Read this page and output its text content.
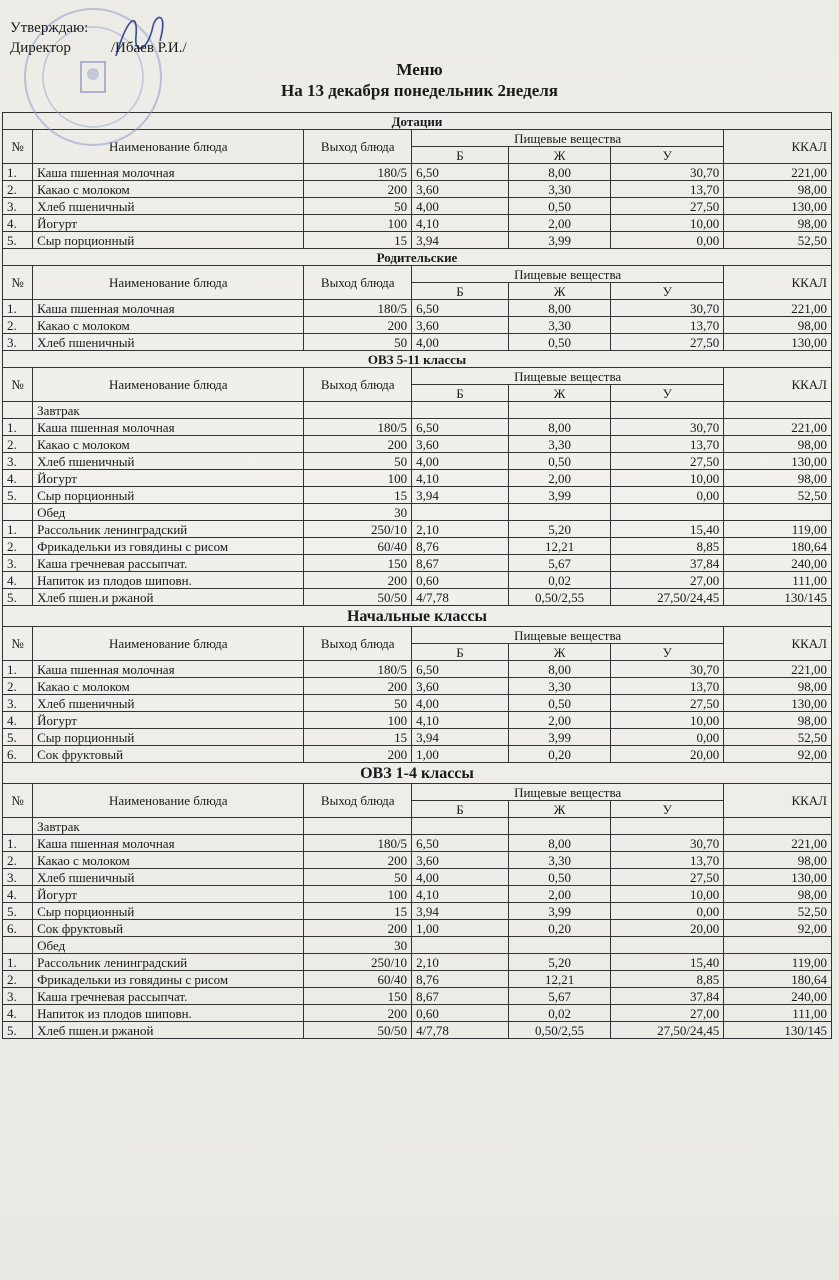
Утверждаю:
Директор	/Ибаев Р.И./
Меню
На 13 декабря понедельник 2неделя
Дотации						
№	Наименование блюда	Выход блюда	Пищевые вещества			ККАЛ
			Б	Ж	У	
1.	Каша пшенная молочная	180/5	6,50	8,00	30,70	221,00
2.	Какао с молоком	200	3,60	3,30	13,70	98,00
3.	Хлеб пшеничный	50	4,00	0,50	27,50	130,00
4.	Йогурт	100	4,10	2,00	10,00	98,00
5.	Сыр порционный	15	3,94	3,99	0,00	52,50
Родительские						
№	Наименование блюда	Выход блюда	Пищевые вещества			ККАЛ
			Б	Ж	У	
1.	Каша пшенная молочная	180/5	6,50	8,00	30,70	221,00
2.	Какао с молоком	200	3,60	3,30	13,70	98,00
3.	Хлеб пшеничный	50	4,00	0,50	27,50	130,00
ОВЗ 5-11 классы						
№	Наименование блюда	Выход блюда	Пищевые вещества			ККАЛ
			Б	Ж	У	
	Завтрак					
1.	Каша пшенная молочная	180/5	6,50	8,00	30,70	221,00
2.	Какао с молоком	200	3,60	3,30	13,70	98,00
3.	Хлеб пшеничный	50	4,00	0,50	27,50	130,00
4.	Йогурт	100	4,10	2,00	10,00	98,00
5.	Сыр порционный	15	3,94	3,99	0,00	52,50
	Обед	30				
1.	Рассольник ленинградский	250/10	2,10	5,20	15,40	119,00
2.	Фрикадельки из говядины с рисом	60/40	8,76	12,21	8,85	180,64
3.	Каша гречневая рассыпчат.	150	8,67	5,67	37,84	240,00
4.	Напиток из плодов шиповн.	200	0,60	0,02	27,00	111,00
5.	Хлеб пшен.и ржаной	50/50	4/7,78	0,50/2,55	27,50/24,45	130/145
Начальные классы						
№	Наименование блюда	Выход блюда	Пищевые вещества			ККАЛ
			Б	Ж	У	
1.	Каша пшенная молочная	180/5	6,50	8,00	30,70	221,00
2.	Какао с молоком	200	3,60	3,30	13,70	98,00
3.	Хлеб пшеничный	50	4,00	0,50	27,50	130,00
4.	Йогурт	100	4,10	2,00	10,00	98,00
5.	Сыр порционный	15	3,94	3,99	0,00	52,50
6.	Сок фруктовый	200	1,00	0,20	20,00	92,00
ОВЗ 1-4 классы						
№	Наименование блюда	Выход блюда	Пищевые вещества			ККАЛ
			Б	Ж	У	
	Завтрак					
1.	Каша пшенная молочная	180/5	6,50	8,00	30,70	221,00
2.	Какао с молоком	200	3,60	3,30	13,70	98,00
3.	Хлеб пшеничный	50	4,00	0,50	27,50	130,00
4.	Йогурт	100	4,10	2,00	10,00	98,00
5.	Сыр порционный	15	3,94	3,99	0,00	52,50
6.	Сок фруктовый	200	1,00	0,20	20,00	92,00
	Обед	30				
1.	Рассольник ленинградский	250/10	2,10	5,20	15,40	119,00
2.	Фрикадельки из говядины с рисом	60/40	8,76	12,21	8,85	180,64
3.	Каша гречневая рассыпчат.	150	8,67	5,67	37,84	240,00
4.	Напиток из плодов шиповн.	200	0,60	0,02	27,00	111,00
5.	Хлеб пшен.и ржаной	50/50	4/7,78	0,50/2,55	27,50/24,45	130/145
